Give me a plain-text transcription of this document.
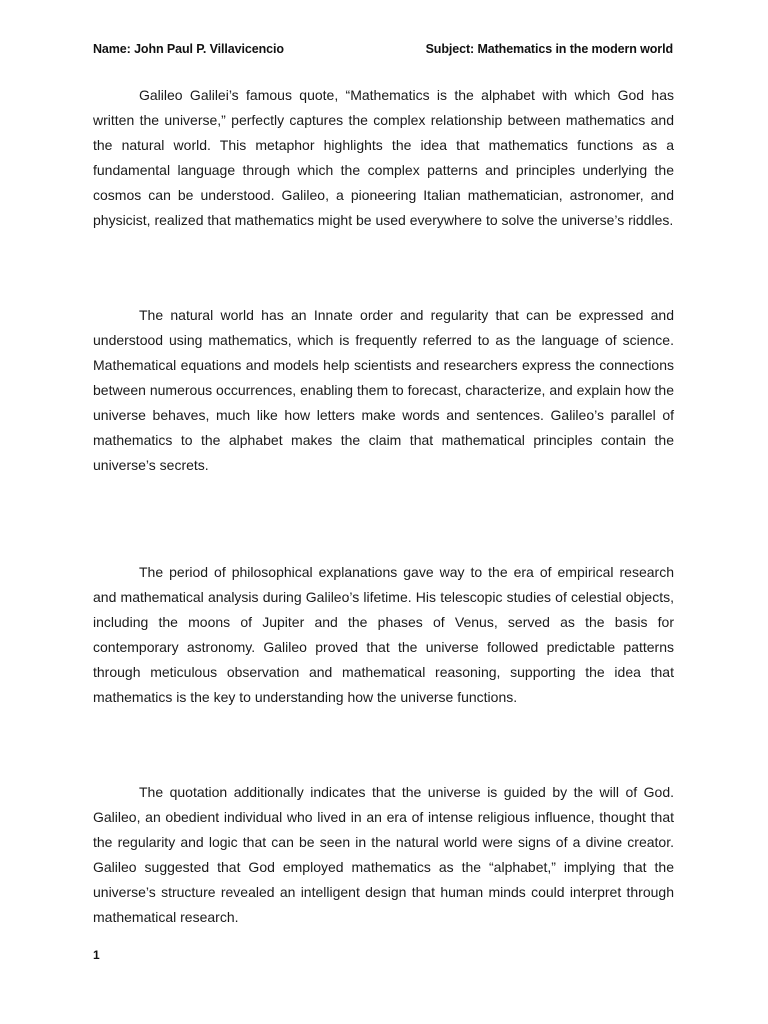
Name: John Paul P. Villavicencio	Subject: Mathematics in the modern world

Galileo Galilei’s famous quote, “Mathematics is the alphabet with which God has written the universe,” perfectly captures the complex relationship between mathematics and the natural world. This metaphor highlights the idea that mathematics functions as a fundamental language through which the complex patterns and principles underlying the cosmos can be understood. Galileo, a pioneering Italian mathematician, astronomer, and physicist, realized that mathematics might be used everywhere to solve the universe’s riddles.

The natural world has an Innate order and regularity that can be expressed and understood using mathematics, which is frequently referred to as the language of science. Mathematical equations and models help scientists and researchers express the connections between numerous occurrences, enabling them to forecast, characterize, and explain how the universe behaves, much like how letters make words and sentences. Galileo’s parallel of mathematics to the alphabet makes the claim that mathematical principles contain the universe’s secrets.

The period of philosophical explanations gave way to the era of empirical research and mathematical analysis during Galileo’s lifetime. His telescopic studies of celestial objects, including the moons of Jupiter and the phases of Venus, served as the basis for contemporary astronomy. Galileo proved that the universe followed predictable patterns through meticulous observation and mathematical reasoning, supporting the idea that mathematics is the key to understanding how the universe functions.

The quotation additionally indicates that the universe is guided by the will of God. Galileo, an obedient individual who lived in an era of intense religious influence, thought that the regularity and logic that can be seen in the natural world were signs of a divine creator. Galileo suggested that God employed mathematics as the “alphabet,” implying that the universe’s structure revealed an intelligent design that human minds could interpret through mathematical research.

1
